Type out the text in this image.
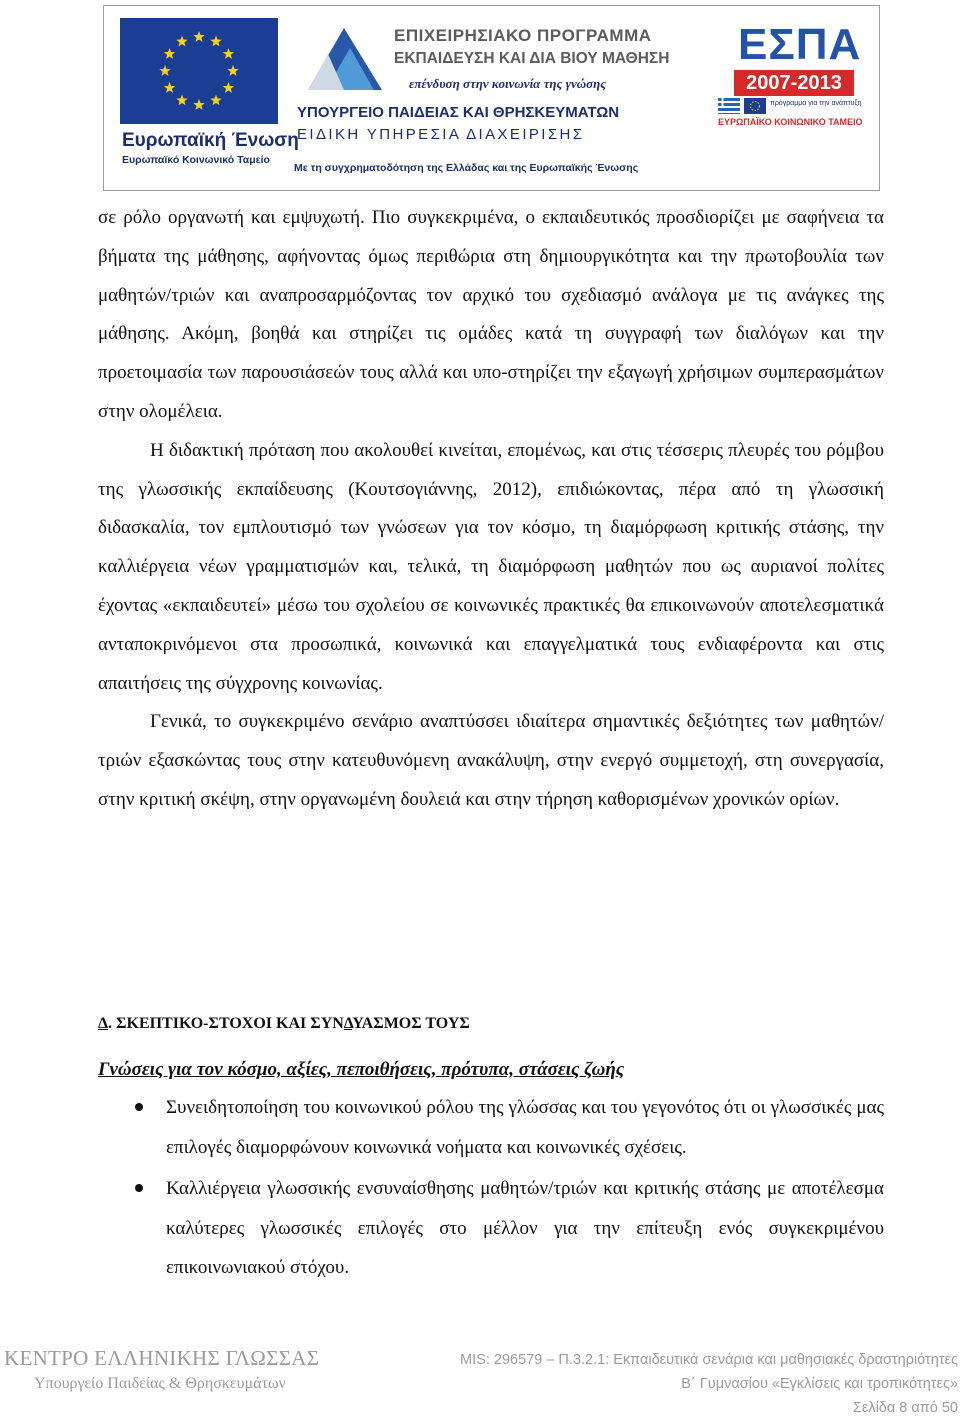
Ευρωπαϊκή Ένωση
Ευρωπαϊκό Κοινωνικό Ταμείο
ΕΠΙΧΕΙΡΗΣΙΑΚΟ ΠΡΟΓΡΑΜΜΑ
ΕΚΠΑΙΔΕΥΣΗ ΚΑΙ ΔΙΑ ΒΙΟΥ ΜΑΘΗΣΗ
επένδυση στην κοινωνία της γνώσης
ΥΠΟΥΡΓΕΙΟ ΠΑΙΔΕΙΑΣ ΚΑΙ ΘΡΗΣΚΕΥΜΑΤΩΝ
ΕΙΔΙΚΗ ΥΠΗΡΕΣΙΑ ΔΙΑΧΕΙΡΙΣΗΣ
Με τη συγχρηματοδότηση της Ελλάδας και της Ευρωπαϊκής Ένωσης
ΕΣΠΑ
2007-2013
πρόγραμμα για την ανάπτυξη
ΕΥΡΩΠΑΪΚΟ ΚΟΙΝΩΝΙΚΟ ΤΑΜΕΙΟ

σε ρόλο οργανωτή και εμψυχωτή. Πιο συγκεκριμένα, ο εκπαιδευτικός προσδιορίζει με σαφήνεια τα βήματα της μάθησης, αφήνοντας όμως περιθώρια στη δημιουργικότητα και την πρωτοβουλία των μαθητών/τριών και αναπροσαρμόζοντας τον αρχικό του σχεδιασμό ανάλογα με τις ανάγκες της μάθησης. Ακόμη, βοηθά και στηρίζει τις ομάδες κατά τη συγγραφή των διαλόγων και την προετοιμασία των παρουσιάσεών τους αλλά και υπο-στηρίζει την εξαγωγή χρήσιμων συμπερασμάτων στην ολομέλεια.

Η διδακτική πρόταση που ακολουθεί κινείται, επομένως, και στις τέσσερις πλευρές του ρόμβου της γλωσσικής εκπαίδευσης (Κουτσογιάννης, 2012), επιδιώκοντας, πέρα από τη γλωσσική διδασκαλία, τον εμπλουτισμό των γνώσεων για τον κόσμο, τη διαμόρφωση κριτικής στάσης, την καλλιέργεια νέων γραμματισμών και, τελικά, τη διαμόρφωση μαθητών που ως αυριανοί πολίτες έχοντας «εκπαιδευτεί» μέσω του σχολείου σε κοινωνικές πρακτικές θα επικοινωνούν αποτελεσματικά ανταποκρινόμενοι στα προσωπικά, κοινωνικά και επαγγελματικά τους ενδιαφέροντα και στις απαιτήσεις της σύγχρονης κοινωνίας.

Γενικά, το συγκεκριμένο σενάριο αναπτύσσει ιδιαίτερα σημαντικές δεξιότητες των μαθητών/τριών εξασκώντας τους στην κατευθυνόμενη ανακάλυψη, στην ενεργό συμμετοχή, στη συνεργασία, στην κριτική σκέψη, στην οργανωμένη δουλειά και στην τήρηση καθορισμένων χρονικών ορίων.

Δ. ΣΚΕΠΤΙΚΟ-ΣΤΟΧΟΙ ΚΑΙ ΣΥΝΔΥΑΣΜΟΣ ΤΟΥΣ
Γνώσεις για τον κόσμο, αξίες, πεποιθήσεις, πρότυπα, στάσεις ζωής
Συνειδητοποίηση του κοινωνικού ρόλου της γλώσσας και του γεγονότος ότι οι γλωσσικές μας επιλογές διαμορφώνουν κοινωνικά νοήματα και κοινωνικές σχέσεις.
Καλλιέργεια γλωσσικής ενσυναίσθησης μαθητών/τριών και κριτικής στάσης με αποτέλεσμα καλύτερες γλωσσικές επιλογές στο μέλλον για την επίτευξη ενός συγκεκριμένου επικοινωνιακού στόχου.
ΚΕΝΤΡΟ ΕΛΛΗΝΙΚΗΣ ΓΛΩΣΣΑΣ
Υπουργείο Παιδείας & Θρησκευμάτων
MIS: 296579 – Π.3.2.1: Εκπαιδευτικά σενάρια και μαθησιακές δραστηριότητες
Β΄ Γυμνασίου «Εγκλίσεις και τροπικότητες»
Σελίδα 8 από 50
